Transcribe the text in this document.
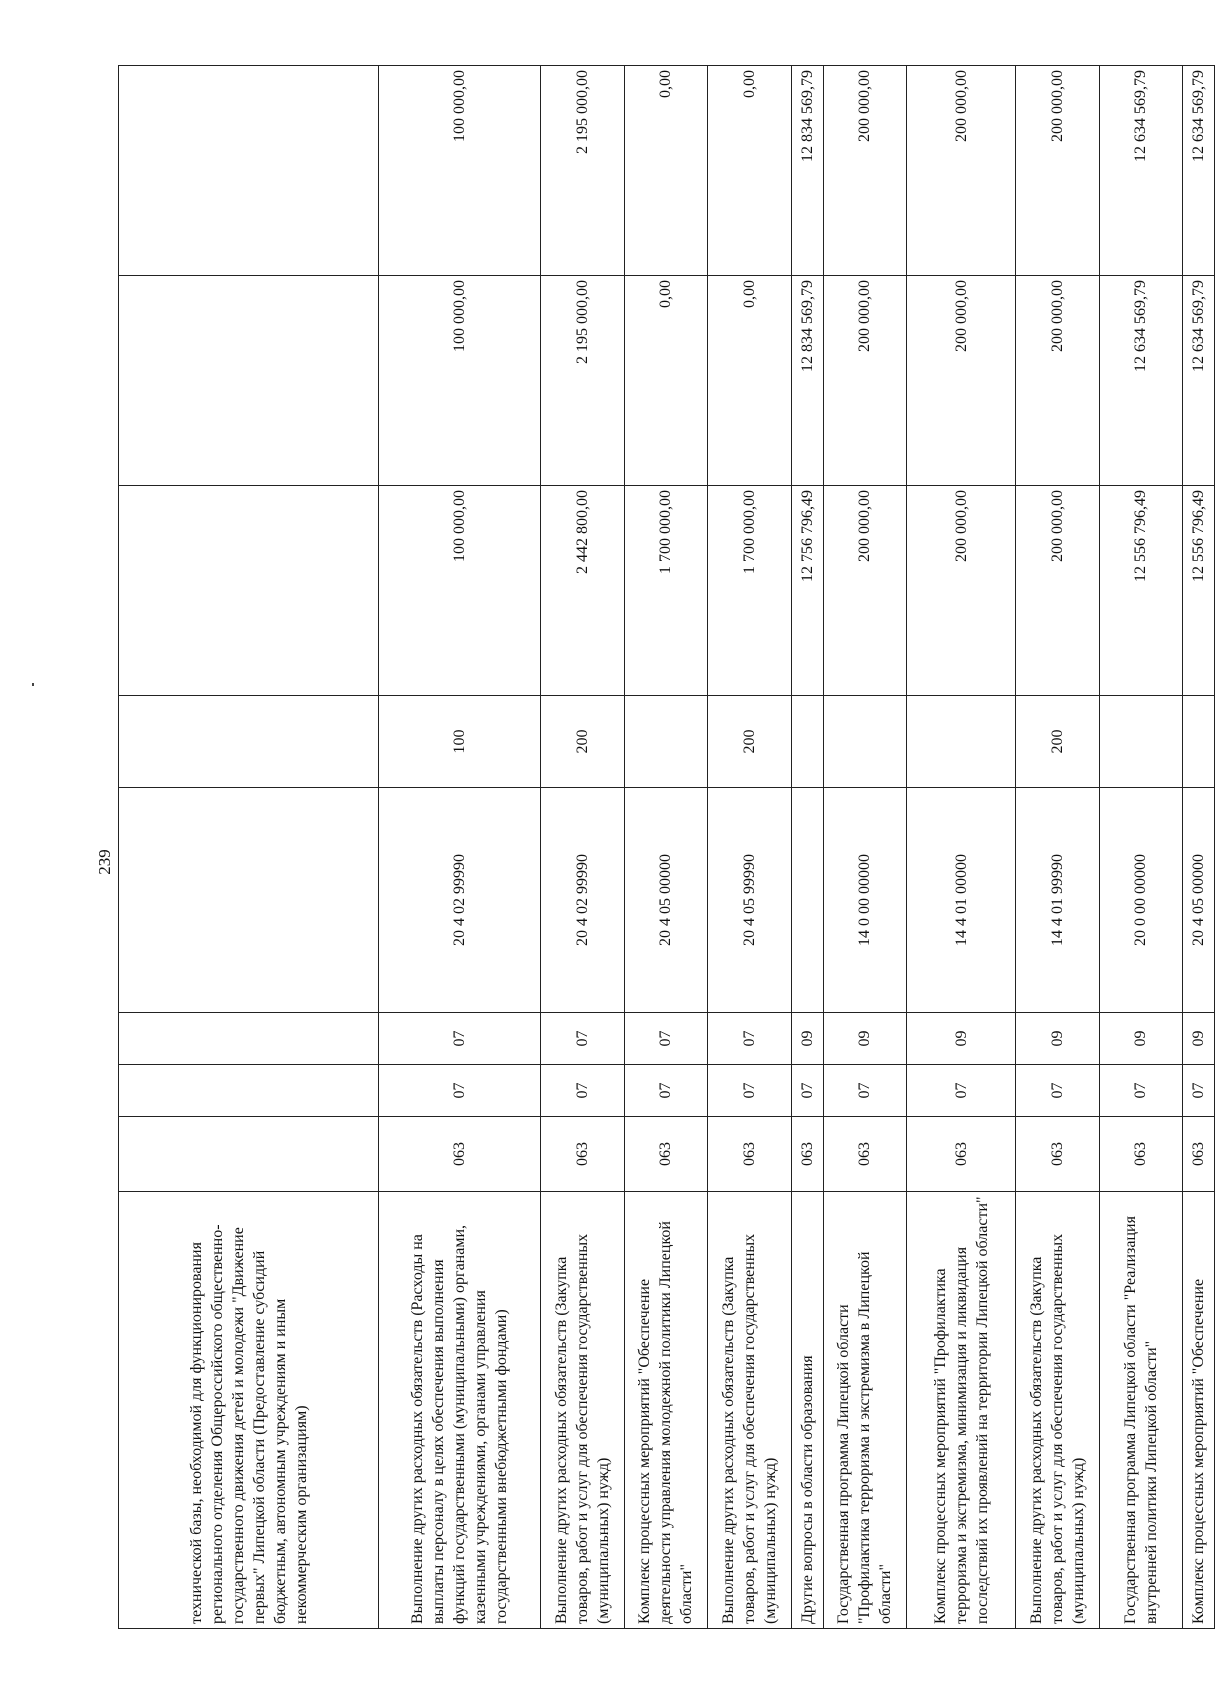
239
технической базы, необходимой для функционирования регионального отделения Общероссийского общественно-государственного движения детей и молодежи "Движение первых" Липецкой области (Предоставление субсидий бюджетным, автономным учреждениям и иным некоммерческим организациям)								
Выполнение других расходных обязательств (Расходы на выплаты персоналу в целях обеспечения выполнения функций государственными (муниципальными) органами, казенными учреждениями, органами управления государственными внебюджетными фондами)	063	07	07	20 4 02 99990	100	100 000,00	100 000,00	100 000,00
Выполнение других расходных обязательств (Закупка товаров, работ и услуг для обеспечения государственных (муниципальных) нужд)	063	07	07	20 4 02 99990	200	2 442 800,00	2 195 000,00	2 195 000,00
Комплекс процессных мероприятий "Обеспечение деятельности управления молодежной политики Липецкой области"	063	07	07	20 4 05 00000		1 700 000,00	0,00	0,00
Выполнение других расходных обязательств (Закупка товаров, работ и услуг для обеспечения государственных (муниципальных) нужд)	063	07	07	20 4 05 99990	200	1 700 000,00	0,00	0,00
Другие вопросы в области образования	063	07	09			12 756 796,49	12 834 569,79	12 834 569,79
Государственная программа Липецкой области "Профилактика терроризма и экстремизма в Липецкой области"	063	07	09	14 0 00 00000		200 000,00	200 000,00	200 000,00
Комплекс процессных мероприятий "Профилактика терроризма и экстремизма, минимизация и ликвидация последствий их проявлений на территории Липецкой области"	063	07	09	14 4 01 00000		200 000,00	200 000,00	200 000,00
Выполнение других расходных обязательств (Закупка товаров, работ и услуг для обеспечения государственных (муниципальных) нужд)	063	07	09	14 4 01 99990	200	200 000,00	200 000,00	200 000,00
Государственная программа Липецкой области "Реализация внутренней политики Липецкой области"	063	07	09	20 0 00 00000		12 556 796,49	12 634 569,79	12 634 569,79
Комплекс процессных мероприятий "Обеспечение	063	07	09	20 4 05 00000		12 556 796,49	12 634 569,79	12 634 569,79
